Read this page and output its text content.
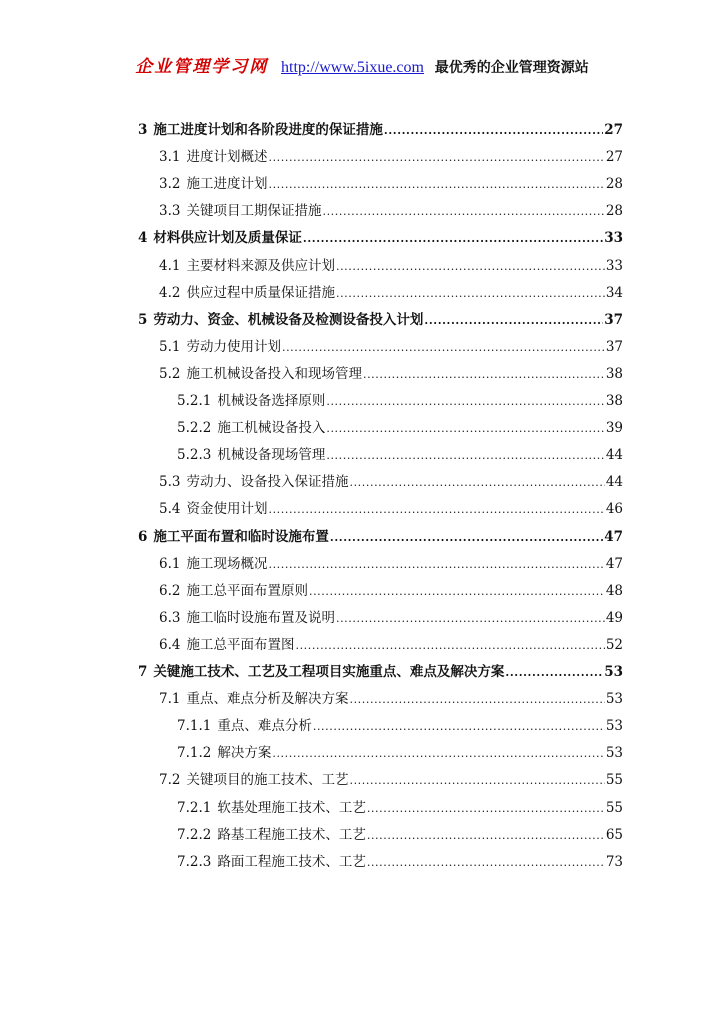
企业管理学习网 http://www.5ixue.com 最优秀的企业管理资源站
3 施工进度计划和各阶段进度的保证措施 .....	27
3.1 进度计划概述 .....	27
3.2 施工进度计划 .....	28
3.3 关键项目工期保证措施 .....	28
4 材料供应计划及质量保证 .....	33
4.1 主要材料来源及供应计划 .....	33
4.2 供应过程中质量保证措施 .....	34
5 劳动力、资金、机械设备及检测设备投入计划 .....	37
5.1 劳动力使用计划 .....	37
5.2 施工机械设备投入和现场管理 .....	38
5.2.1 机械设备选择原则 .....	38
5.2.2 施工机械设备投入 .....	39
5.2.3 机械设备现场管理 .....	44
5.3 劳动力、设备投入保证措施 .....	44
5.4 资金使用计划 .....	46
6 施工平面布置和临时设施布置 .....	47
6.1 施工现场概况 .....	47
6.2 施工总平面布置原则 .....	48
6.3 施工临时设施布置及说明 .....	49
6.4 施工总平面布置图 .....	52
7 关键施工技术、工艺及工程项目实施重点、难点及解决方案 .....	53
7.1 重点、难点分析及解决方案 .....	53
7.1.1 重点、难点分析 .....	53
7.1.2 解决方案 .....	53
7.2 关键项目的施工技术、工艺 .....	55
7.2.1 软基处理施工技术、工艺 .....	55
7.2.2 路基工程施工技术、工艺 .....	65
7.2.3 路面工程施工技术、工艺 .....	73
